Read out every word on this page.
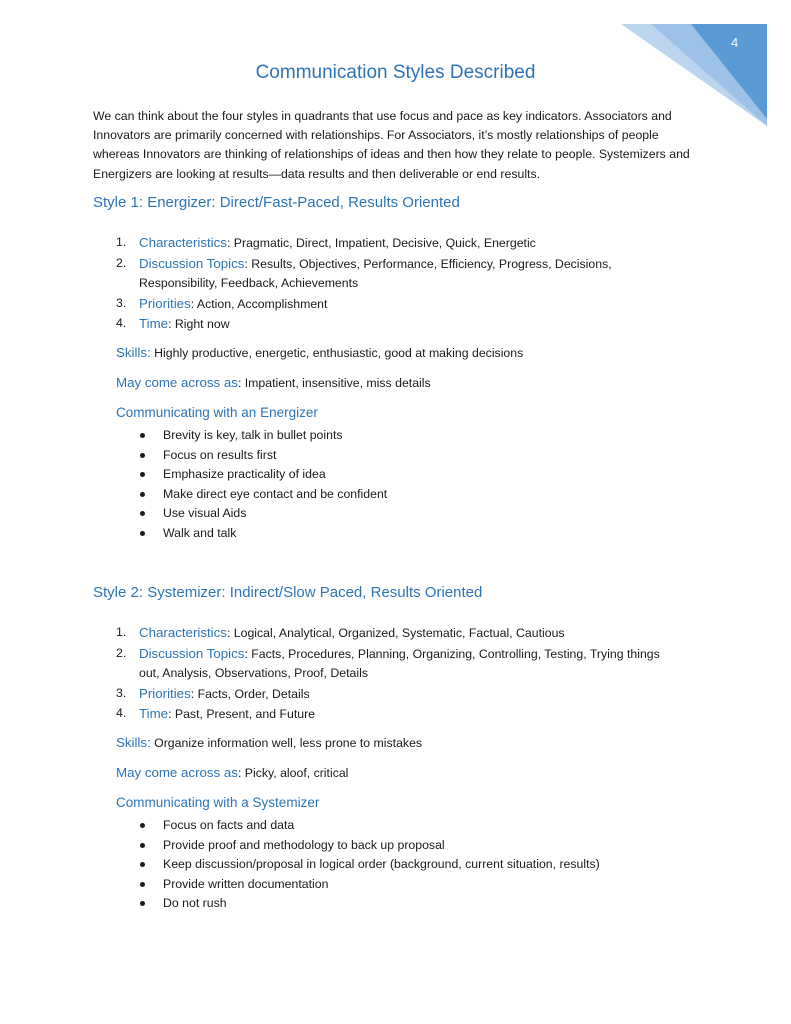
4
Communication Styles Described
We can think about the four styles in quadrants that use focus and pace as key indicators. Associators and Innovators are primarily concerned with relationships. For Associators, it’s mostly relationships of people whereas Innovators are thinking of relationships of ideas and then how they relate to people. Systemizers and Energizers are looking at results—data results and then deliverable or end results.
Style 1: Energizer: Direct/Fast-Paced, Results Oriented
1. Characteristics: Pragmatic, Direct, Impatient, Decisive, Quick, Energetic
2. Discussion Topics: Results, Objectives, Performance, Efficiency, Progress, Decisions, Responsibility, Feedback, Achievements
3. Priorities: Action, Accomplishment
4. Time: Right now
Skills: Highly productive, energetic, enthusiastic, good at making decisions
May come across as: Impatient, insensitive, miss details
Communicating with an Energizer
Brevity is key, talk in bullet points
Focus on results first
Emphasize practicality of idea
Make direct eye contact and be confident
Use visual Aids
Walk and talk
Style 2: Systemizer: Indirect/Slow Paced, Results Oriented
1. Characteristics: Logical, Analytical, Organized, Systematic, Factual, Cautious
2. Discussion Topics: Facts, Procedures, Planning, Organizing, Controlling, Testing, Trying things out, Analysis, Observations, Proof, Details
3. Priorities: Facts, Order, Details
4. Time: Past, Present, and Future
Skills: Organize information well, less prone to mistakes
May come across as: Picky, aloof, critical
Communicating with a Systemizer
Focus on facts and data
Provide proof and methodology to back up proposal
Keep discussion/proposal in logical order (background, current situation, results)
Provide written documentation
Do not rush
